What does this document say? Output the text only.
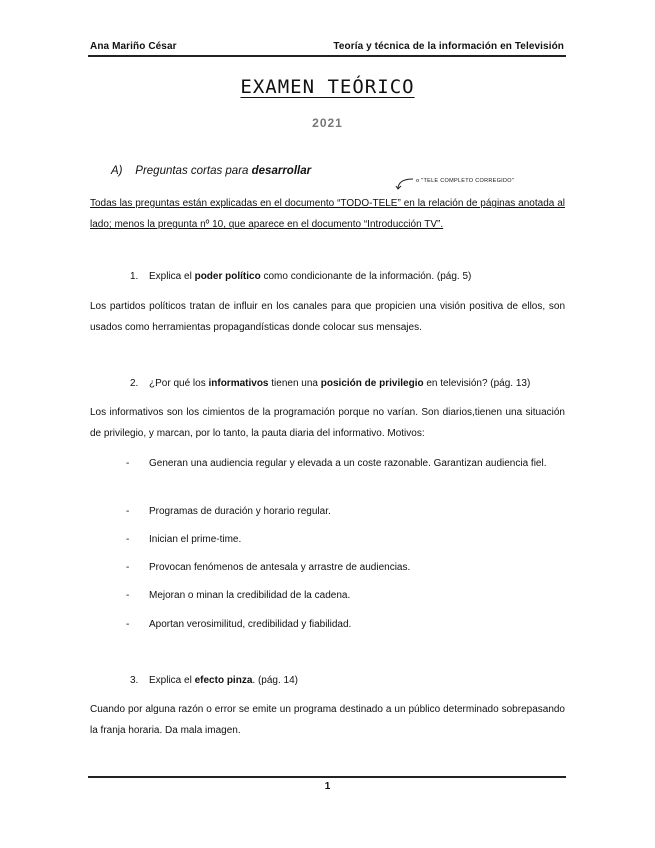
Ana Mariño César	Teoría y técnica de la información en Televisión
EXAMEN TEÓRICO
2021
A) Preguntas cortas para desarrollar
o "TELE COMPLETO CORREGIDO"
Todas las preguntas están explicadas en el documento “TODO-TELE” en la relación de páginas anotada al lado; menos la pregunta nº 10, que aparece en el documento “Introducción TV”.
1. Explica el poder político como condicionante de la información. (pág. 5)
Los partidos políticos tratan de influir en los canales para que propicien una visión positiva de ellos, son usados como herramientas propagandísticas donde colocar sus mensajes.
2. ¿Por qué los informativos tienen una posición de privilegio en televisión? (pág. 13)
Los informativos son los cimientos de la programación porque no varían. Son diarios,tienen una situación de privilegio, y marcan, por lo tanto, la pauta diaria del informativo. Motivos:
- Generan una audiencia regular y elevada a un coste razonable. Garantizan audiencia fiel.
- Programas de duración y horario regular.
- Inician el prime-time.
- Provocan fenómenos de antesala y arrastre de audiencias.
- Mejoran o minan la credibilidad de la cadena.
- Aportan verosimilitud, credibilidad y fiabilidad.
3. Explica el efecto pinza. (pág. 14)
Cuando por alguna razón o error se emite un programa destinado a un público determinado sobrepasando la franja horaria. Da mala imagen.
1
